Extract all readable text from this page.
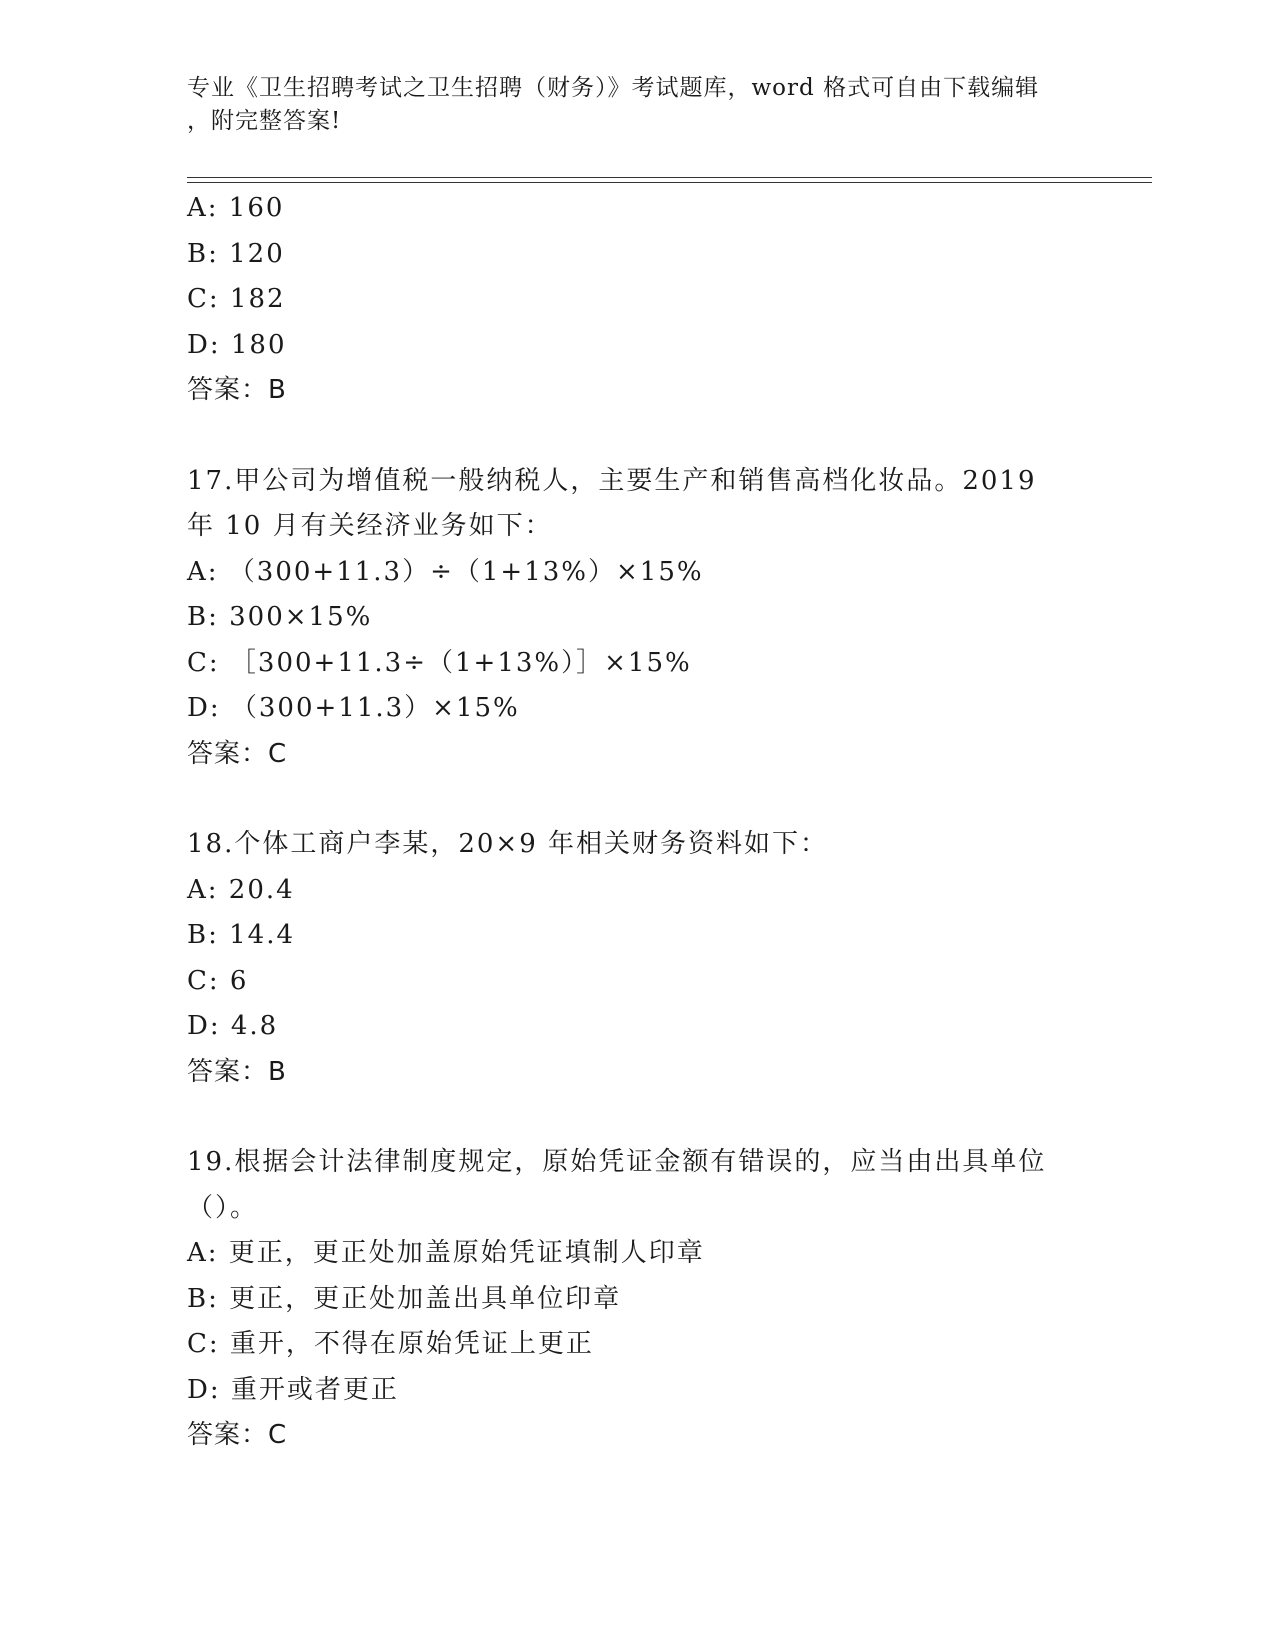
专业《卫生招聘考试之卫生招聘（财务）》考试题库，word 格式可自由下载编辑

，附完整答案!

A: 160
B: 120
C: 182
D: 180
答案：B
17.甲公司为增值税一般纳税人，主要生产和销售高档化妆品。2019
年 10 月有关经济业务如下：
A: （300+11.3）÷（1+13%）×15%
B: 300×15%
C: ［300+11.3÷（1+13%）］×15%
D: （300+11.3）×15%
答案：C
18.个体工商户李某，20×9 年相关财务资料如下：
A: 20.4
B: 14.4
C: 6
D: 4.8
答案：B
19.根据会计法律制度规定，原始凭证金额有错误的，应当由出具单位
（）。
A: 更正，更正处加盖原始凭证填制人印章
B: 更正，更正处加盖出具单位印章
C: 重开，不得在原始凭证上更正
D: 重开或者更正
答案：C
